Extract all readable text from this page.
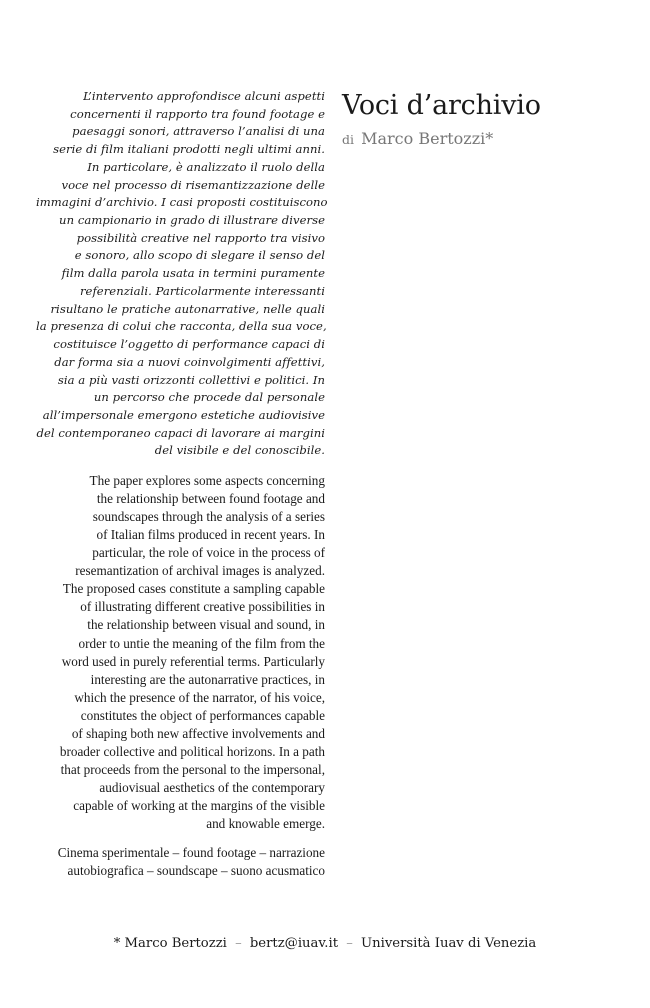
L’intervento approfondisce alcuni aspetti
concernenti il rapporto tra found footage e
paesaggi sonori, attraverso l’analisi di una
serie di film italiani prodotti negli ultimi anni.
In particolare, è analizzato il ruolo della
voce nel processo di risemantizzazione delle
immagini d’archivio. I casi proposti costituiscono
un campionario in grado di illustrare diverse
possibilità creative nel rapporto tra visivo
e sonoro, allo scopo di slegare il senso del
film dalla parola usata in termini puramente
referenziali. Particolarmente interessanti
risultano le pratiche autonarrative, nelle quali
la presenza di colui che racconta, della sua voce,
costituisce l’oggetto di performance capaci di
dar forma sia a nuovi coinvolgimenti affettivi,
sia a più vasti orizzonti collettivi e politici. In
un percorso che procede dal personale
all’impersonale emergono estetiche audiovisive
del contemporaneo capaci di lavorare ai margini
del visibile e del conoscibile.
The paper explores some aspects concerning
the relationship between found footage and
soundscapes through the analysis of a series
of Italian films produced in recent years. In
particular, the role of voice in the process of
resemantization of archival images is analyzed.
The proposed cases constitute a sampling capable
of illustrating different creative possibilities in
the relationship between visual and sound, in
order to untie the meaning of the film from the
word used in purely referential terms. Particularly
interesting are the autonarrative practices, in
which the presence of the narrator, of his voice,
constitutes the object of performances capable
of shaping both new affective involvements and
broader collective and political horizons. In a path
that proceeds from the personal to the impersonal,
audiovisual aesthetics of the contemporary
capable of working at the margins of the visible
and knowable emerge.
Cinema sperimentale – found footage – narrazione
autobiografica – soundscape – suono acusmatico
Voci d’archivio
di Marco Bertozzi*
* Marco Bertozzi – bertz@iuav.it – Università Iuav di Venezia
